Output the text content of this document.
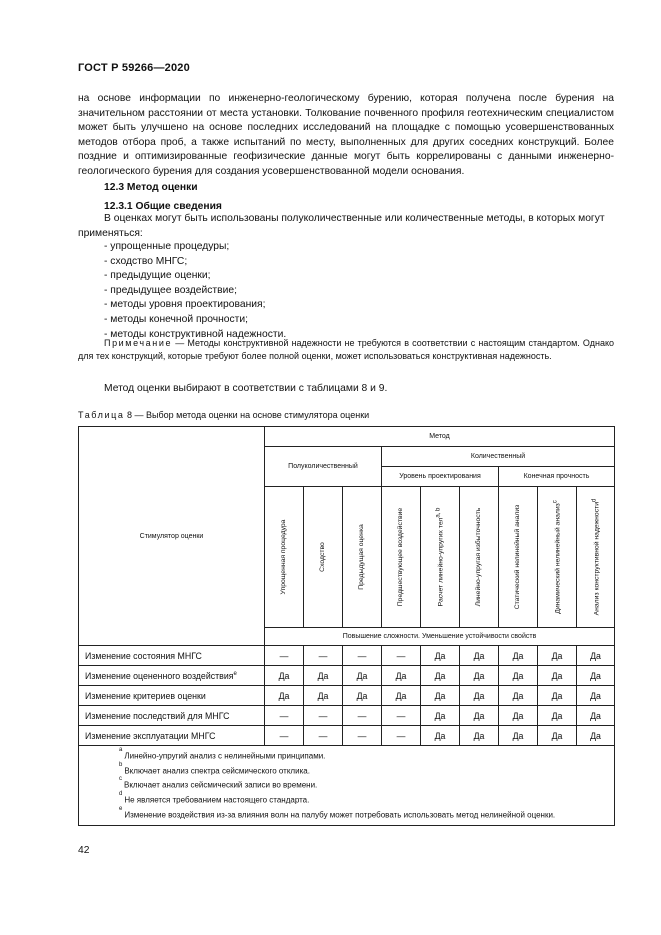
ГОСТ Р 59266—2020
на основе информации по инженерно-геологическому бурению, которая получена после бурения на значительном расстоянии от места установки. Толкование почвенного профиля геотехническим специалистом может быть улучшено на основе последних исследований на площадке с помощью усовершенствованных методов отбора проб, а также испытаний по месту, выполненных для других соседних конструкций. Более поздние и оптимизированные геофизические данные могут быть коррелированы с данными инженерно-геологического бурения для создания усовершенствованной модели основания.
12.3 Метод оценки
12.3.1 Общие сведения
В оценках могут быть использованы полуколичественные или количественные методы, в которых могут применяться:
- упрощенные процедуры;
- сходство МНГС;
- предыдущие оценки;
- предыдущее воздействие;
- методы уровня проектирования;
- методы конечной прочности;
- методы конструктивной надежности.
Примечание — Методы конструктивной надежности не требуются в соответствии с настоящим стандартом. Однако для тех конструкций, которые требуют более полной оценки, может использоваться конструктивная надежность.
Метод оценки выбирают в соответствии с таблицами 8 и 9.
Таблица 8 — Выбор метода оценки на основе стимулятора оценки
Стимулятор оценки	Метод								
	Полуколичественный			Количественный					
				Уровень проектирования			Конечная прочность		

	Упрощенная процедура	Сходство	Предыдущая оценка	Предшествующее воздействие	Расчет линейно-упругих тел$^{a, b}$	Линейно-упругая избыточность	Статический нелинейный анализ	Динамический нелинейный анализ$^c$	Анализ конструктивной надежности$^d$

	Повышение сложности. Уменьшение устойчивости свойств								
Изменение состояния МНГС	—	—	—	—	Да	Да	Да	Да	Да
Изменение оцененного воздействия$^e$	Да	Да	Да	Да	Да	Да	Да	Да	Да
Изменение критериев оценки	Да	Да	Да	Да	Да	Да	Да	Да	Да
Изменение последствий для МНГС	—	—	—	—	Да	Да	Да	Да	Да
Изменение эксплуатации МНГС	—	—	—	—	Да	Да	Да	Да	Да

$^a$Линейно-упругий анализ с нелинейными принципами.
$^b$Включает анализ спектра сейсмического отклика.
$^c$Включает анализ сейсмический записи во времени.
$^d$Не является требованием настоящего стандарта.
$^e$Изменение воздействия из-за влияния волн на палубу может потребовать использовать метод нелинейной оценки.									
42
